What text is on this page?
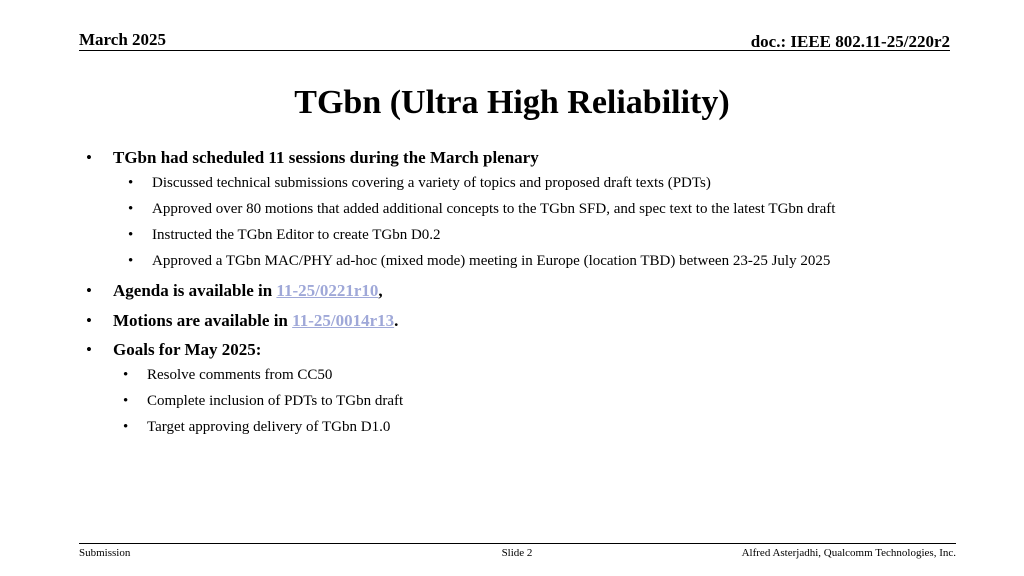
March 2025	doc.: IEEE 802.11-25/220r2
TGbn (Ultra High Reliability)
• TGbn had scheduled 11 sessions during the March plenary
• Discussed technical submissions covering a variety of topics and proposed draft texts (PDTs)
• Approved over 80 motions that added additional concepts to the TGbn SFD, and spec text to the latest TGbn draft
• Instructed the TGbn Editor to create TGbn D0.2
• Approved a TGbn MAC/PHY ad-hoc (mixed mode) meeting in Europe (location TBD) between 23-25 July 2025
• Agenda is available in 11-25/0221r10,
• Motions are available in 11-25/0014r13.
• Goals for May 2025:
• Resolve comments from CC50
• Complete inclusion of PDTs to TGbn draft
• Target approving delivery of TGbn D1.0
Submission	Slide 2	Alfred Asterjadhi, Qualcomm Technologies, Inc.
